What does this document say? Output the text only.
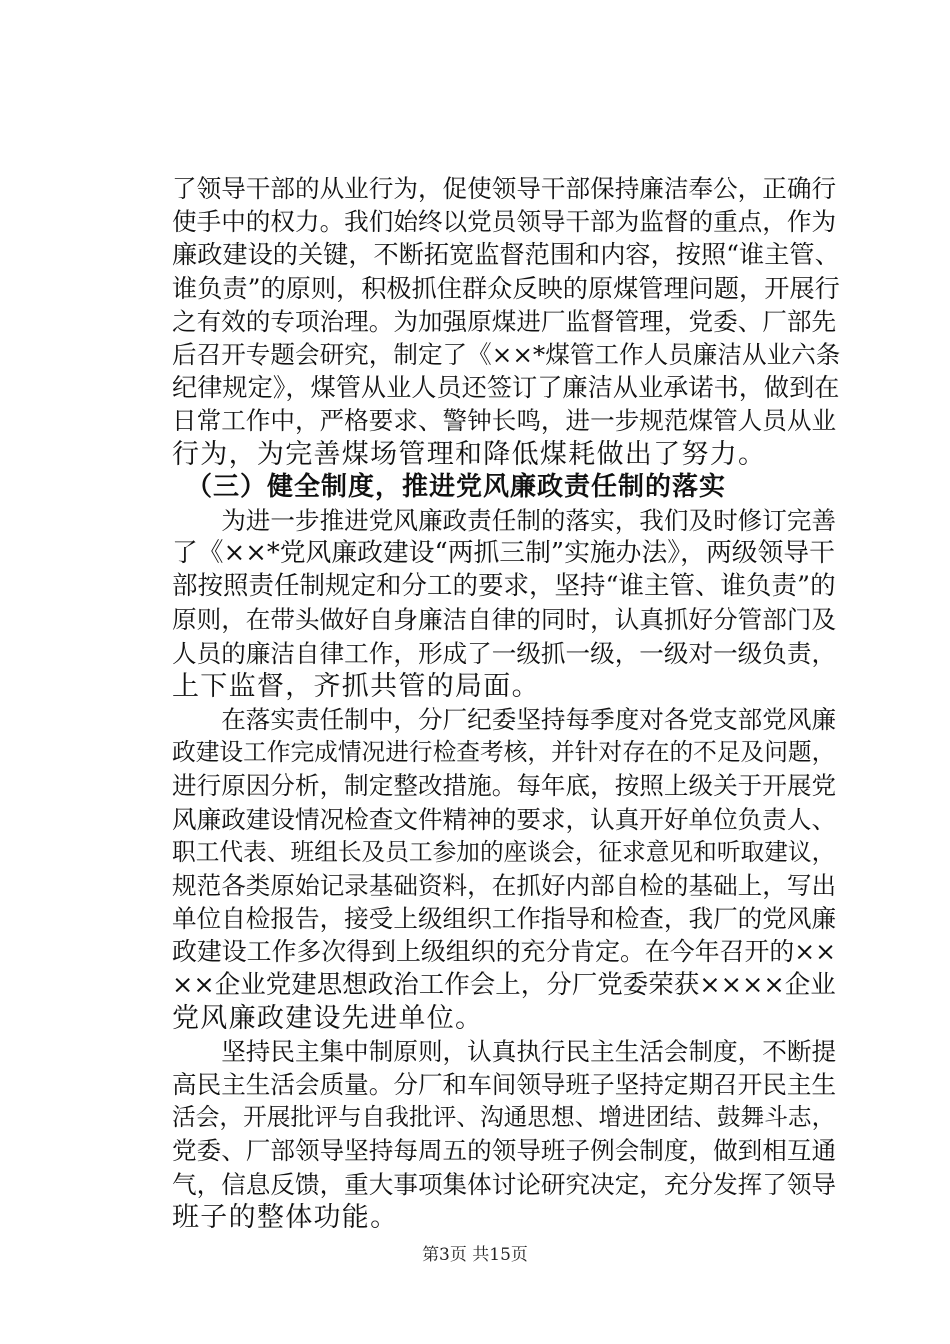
了领导干部的从业行为，促使领导干部保持廉洁奉公，正确行
使手中的权力。我们始终以党员领导干部为监督的重点，作为
廉政建设的关键，不断拓宽监督范围和内容，按照“谁主管、
谁负责”的原则，积极抓住群众反映的原煤管理问题，开展行
之有效的专项治理。为加强原煤进厂监督管理，党委、厂部先
后召开专题会研究，制定了《××*煤管工作人员廉洁从业六条
纪律规定》，煤管从业人员还签订了廉洁从业承诺书，做到在
日常工作中，严格要求、警钟长鸣，进一步规范煤管人员从业
行为，为完善煤场管理和降低煤耗做出了努力。
　（三）健全制度，推进党风廉政责任制的落实
　　为进一步推进党风廉政责任制的落实，我们及时修订完善
了《××*党风廉政建设“两抓三制”实施办法》，两级领导干
部按照责任制规定和分工的要求，坚持“谁主管、谁负责”的
原则，在带头做好自身廉洁自律的同时，认真抓好分管部门及
人员的廉洁自律工作，形成了一级抓一级，一级对一级负责，
上下监督，齐抓共管的局面。
　　在落实责任制中，分厂纪委坚持每季度对各党支部党风廉
政建设工作完成情况进行检查考核，并针对存在的不足及问题，
进行原因分析，制定整改措施。每年底，按照上级关于开展党
风廉政建设情况检查文件精神的要求，认真开好单位负责人、
职工代表、班组长及员工参加的座谈会，征求意见和听取建议，
规范各类原始记录基础资料，在抓好内部自检的基础上，写出
单位自检报告，接受上级组织工作指导和检查，我厂的党风廉
政建设工作多次得到上级组织的充分肯定。在今年召开的××
××企业党建思想政治工作会上，分厂党委荣获××××企业
党风廉政建设先进单位。
　　坚持民主集中制原则，认真执行民主生活会制度，不断提
高民主生活会质量。分厂和车间领导班子坚持定期召开民主生
活会，开展批评与自我批评、沟通思想、增进团结、鼓舞斗志，
党委、厂部领导坚持每周五的领导班子例会制度，做到相互通
气，信息反馈，重大事项集体讨论研究决定，充分发挥了领导
班子的整体功能。
第3页 共15页
